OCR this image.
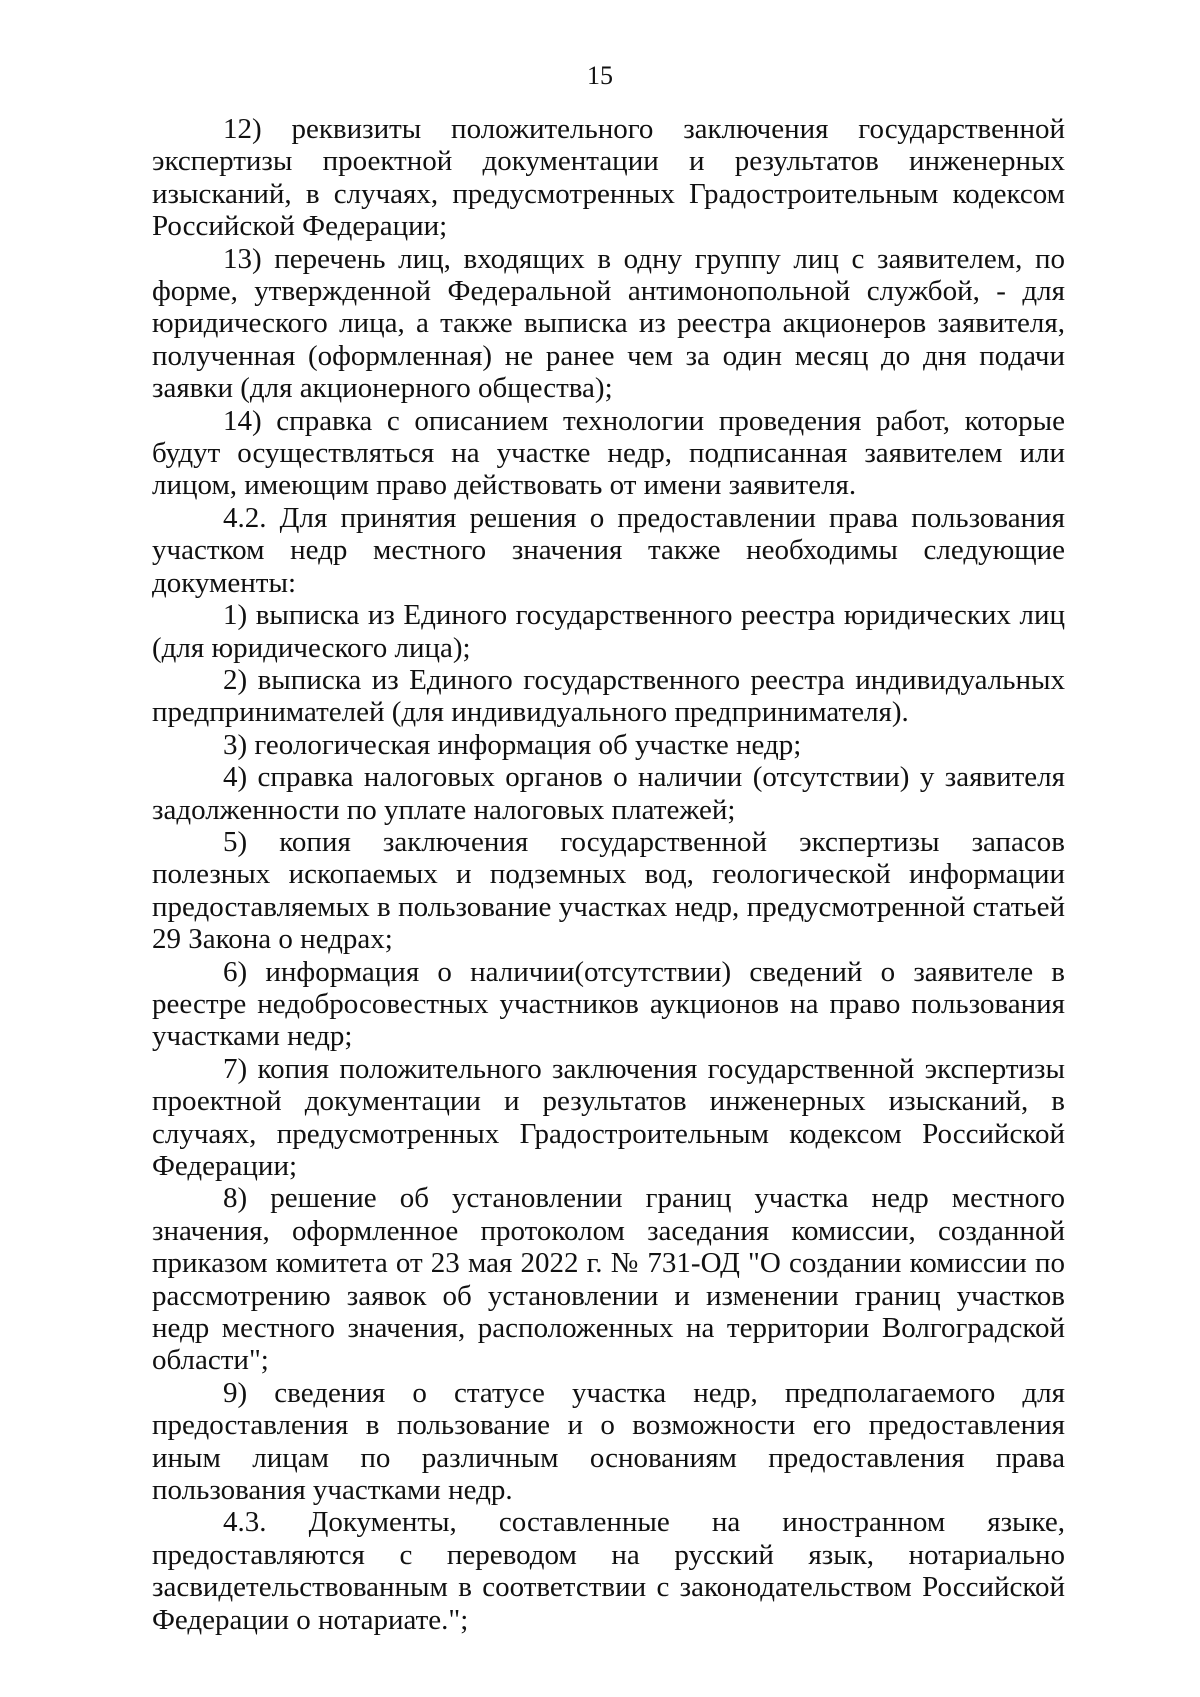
15

12) реквизиты положительного заключения государственной экспертизы проектной документации и результатов инженерных изысканий, в случаях, предусмотренных Градостроительным кодексом Российской Федерации;

13) перечень лиц, входящих в одну группу лиц с заявителем, по форме, утвержденной Федеральной антимонопольной службой, - для юридического лица, а также выписка из реестра акционеров заявителя, полученная (оформленная) не ранее чем за один месяц до дня подачи заявки (для акционерного общества);

14) справка с описанием технологии проведения работ, которые будут осуществляться на участке недр, подписанная заявителем или лицом, имеющим право действовать от имени заявителя.

4.2. Для принятия решения о предоставлении права пользования участком недр местного значения также необходимы следующие документы:

1) выписка из Единого государственного реестра юридических лиц (для юридического лица);

2) выписка из Единого государственного реестра индивидуальных предпринимателей (для индивидуального предпринимателя).

3) геологическая информация об участке недр;

4) справка налоговых органов о наличии (отсутствии) у заявителя задолженности по уплате налоговых платежей;

5) копия заключения государственной экспертизы запасов полезных ископаемых и подземных вод, геологической информации предоставляемых в пользование участках недр, предусмотренной статьей 29 Закона о недрах;

6) информация о наличии(отсутствии) сведений о заявителе в реестре недобросовестных участников аукционов на право пользования участками недр;

7) копия положительного заключения государственной экспертизы проектной документации и результатов инженерных изысканий, в случаях, предусмотренных Градостроительным кодексом Российской Федерации;

8) решение об установлении границ участка недр местного значения, оформленное протоколом заседания комиссии, созданной приказом комитета от 23 мая 2022 г. № 731-ОД "О создании комиссии по рассмотрению заявок об установлении и изменении границ участков недр местного значения, расположенных на территории Волгоградской области";

9) сведения о статусе участка недр, предполагаемого для предоставления в пользование и о возможности его предоставления иным лицам по различным основаниям предоставления права пользования участками недр.

4.3. Документы, составленные на иностранном языке, предоставляются с переводом на русский язык, нотариально засвидетельствованным в соответствии с законодательством Российской Федерации о нотариате.";
